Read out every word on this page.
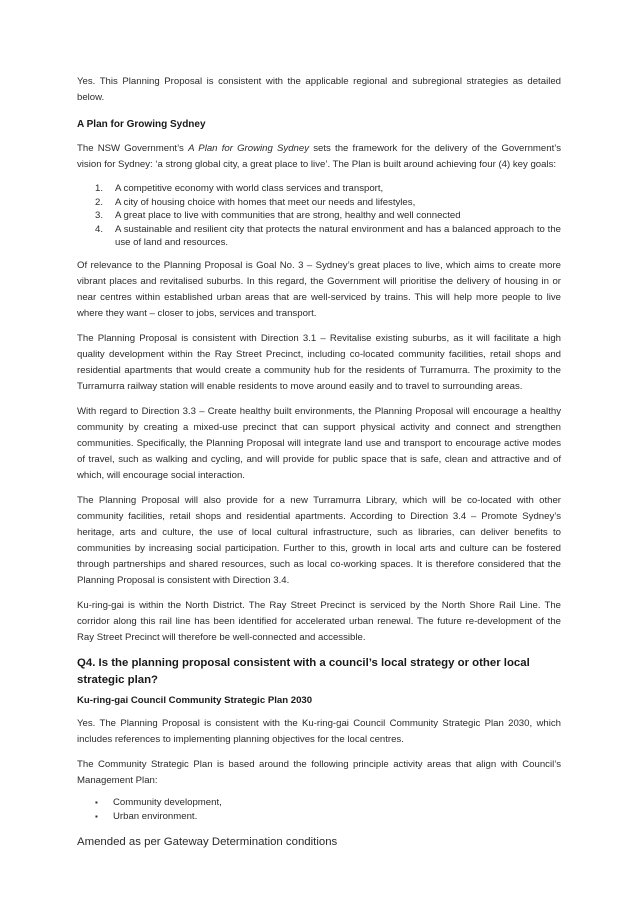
Yes. This Planning Proposal is consistent with the applicable regional and subregional strategies as detailed below.

A Plan for Growing Sydney

The NSW Government’s A Plan for Growing Sydney sets the framework for the delivery of the Government’s vision for Sydney: ‘a strong global city, a great place to live’. The Plan is built around achieving four (4) key goals:

1.	A competitive economy with world class services and transport,
2.	A city of housing choice with homes that meet our needs and lifestyles,
3.	A great place to live with communities that are strong, healthy and well connected
4.	A sustainable and resilient city that protects the natural environment and has a balanced approach to the use of land and resources.

Of relevance to the Planning Proposal is Goal No. 3 – Sydney’s great places to live, which aims to create more vibrant places and revitalised suburbs. In this regard, the Government will prioritise the delivery of housing in or near centres within established urban areas that are well-serviced by trains. This will help more people to live where they want – closer to jobs, services and transport.

The Planning Proposal is consistent with Direction 3.1 – Revitalise existing suburbs, as it will facilitate a high quality development within the Ray Street Precinct, including co-located community facilities, retail shops and residential apartments that would create a community hub for the residents of Turramurra. The proximity to the Turramurra railway station will enable residents to move around easily and to travel to surrounding areas.

With regard to Direction 3.3 – Create healthy built environments, the Planning Proposal will encourage a healthy community by creating a mixed-use precinct that can support physical activity and connect and strengthen communities. Specifically, the Planning Proposal will integrate land use and transport to encourage active modes of travel, such as walking and cycling, and will provide for public space that is safe, clean and attractive and of which, will encourage social interaction.

The Planning Proposal will also provide for a new Turramurra Library, which will be co-located with other community facilities, retail shops and residential apartments. According to Direction 3.4 – Promote Sydney’s heritage, arts and culture, the use of local cultural infrastructure, such as libraries, can deliver benefits to communities by increasing social participation. Further to this, growth in local arts and culture can be fostered through partnerships and shared resources, such as local co-working spaces. It is therefore considered that the Planning Proposal is consistent with Direction 3.4.

Ku-ring-gai is within the North District. The Ray Street Precinct is serviced by the North Shore Rail Line. The corridor along this rail line has been identified for accelerated urban renewal. The future re-development of the Ray Street Precinct will therefore be well-connected and accessible.

Q4. Is the planning proposal consistent with a council’s local strategy or other local strategic plan?
Ku-ring-gai Council Community Strategic Plan 2030

Yes. The Planning Proposal is consistent with the Ku-ring-gai Council Community Strategic Plan 2030, which includes references to implementing planning objectives for the local centres.

The Community Strategic Plan is based around the following principle activity areas that align with Council’s Management Plan:

▪	Community development,
▪	Urban environment.
Amended as per Gateway Determination conditions
